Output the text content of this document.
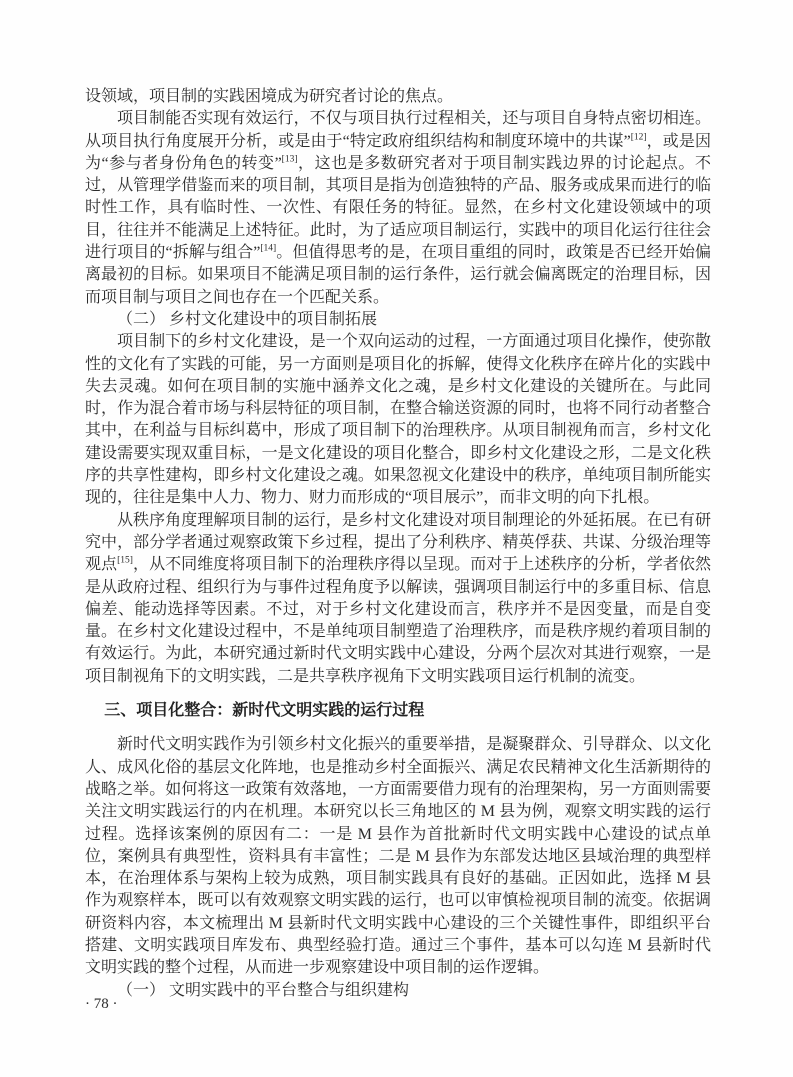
设领域，项目制的实践困境成为研究者讨论的焦点。

项目制能否实现有效运行，不仅与项目执行过程相关，还与项目自身特点密切相连。从项目执行角度展开分析，或是由于“特定政府组织结构和制度环境中的共谋”[12]，或是因为“参与者身份角色的转变”[13]，这也是多数研究者对于项目制实践边界的讨论起点。不过，从管理学借鉴而来的项目制，其项目是指为创造独特的产品、服务或成果而进行的临时性工作，具有临时性、一次性、有限任务的特征。显然，在乡村文化建设领域中的项目，往往并不能满足上述特征。此时，为了适应项目制运行，实践中的项目化运行往往会进行项目的“拆解与组合”[14]。但值得思考的是，在项目重组的同时，政策是否已经开始偏离最初的目标。如果项目不能满足项目制的运行条件，运行就会偏离既定的治理目标，因而项目制与项目之间也存在一个匹配关系。

（二） 乡村文化建设中的项目制拓展

项目制下的乡村文化建设，是一个双向运动的过程，一方面通过项目化操作，使弥散性的文化有了实践的可能，另一方面则是项目化的拆解，使得文化秩序在碎片化的实践中失去灵魂。如何在项目制的实施中涵养文化之魂，是乡村文化建设的关键所在。与此同时，作为混合着市场与科层特征的项目制，在整合输送资源的同时，也将不同行动者整合其中，在利益与目标纠葛中，形成了项目制下的治理秩序。从项目制视角而言，乡村文化建设需要实现双重目标，一是文化建设的项目化整合，即乡村文化建设之形，二是文化秩序的共享性建构，即乡村文化建设之魂。如果忽视文化建设中的秩序，单纯项目制所能实现的，往往是集中人力、物力、财力而形成的“项目展示”，而非文明的向下扎根。

从秩序角度理解项目制的运行，是乡村文化建设对项目制理论的外延拓展。在已有研究中，部分学者通过观察政策下乡过程，提出了分利秩序、精英俘获、共谋、分级治理等观点[15]，从不同维度将项目制下的治理秩序得以呈现。而对于上述秩序的分析，学者依然是从政府过程、组织行为与事件过程角度予以解读，强调项目制运行中的多重目标、信息偏差、能动选择等因素。不过，对于乡村文化建设而言，秩序并不是因变量，而是自变量。在乡村文化建设过程中，不是单纯项目制塑造了治理秩序，而是秩序规约着项目制的有效运行。为此，本研究通过新时代文明实践中心建设，分两个层次对其进行观察，一是项目制视角下的文明实践，二是共享秩序视角下文明实践项目运行机制的流变。

三、项目化整合：新时代文明实践的运行过程

新时代文明实践作为引领乡村文化振兴的重要举措，是凝聚群众、引导群众、以文化人、成风化俗的基层文化阵地，也是推动乡村全面振兴、满足农民精神文化生活新期待的战略之举。如何将这一政策有效落地，一方面需要借力现有的治理架构，另一方面则需要关注文明实践运行的内在机理。本研究以长三角地区的 M 县为例，观察文明实践的运行过程。选择该案例的原因有二：一是 M 县作为首批新时代文明实践中心建设的试点单位，案例具有典型性，资料具有丰富性；二是 M 县作为东部发达地区县域治理的典型样本，在治理体系与架构上较为成熟，项目制实践具有良好的基础。正因如此，选择 M 县作为观察样本，既可以有效观察文明实践的运行，也可以审慎检视项目制的流变。依据调研资料内容，本文梳理出 M 县新时代文明实践中心建设的三个关键性事件，即组织平台搭建、文明实践项目库发布、典型经验打造。通过三个事件，基本可以勾连 M 县新时代文明实践的整个过程，从而进一步观察建设中项目制的运作逻辑。

（一） 文明实践中的平台整合与组织建构

· 78 ·
